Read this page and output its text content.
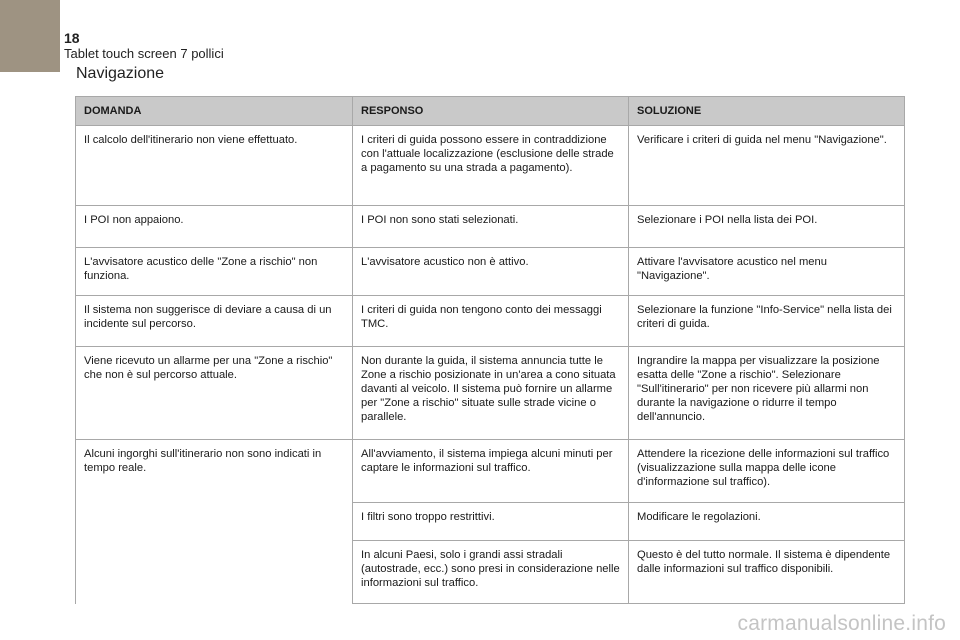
18
Tablet touch screen 7 pollici
Navigazione
DOMANDA	RESPONSO	SOLUZIONE
Il calcolo dell'itinerario non viene effettuato.	I criteri di guida possono essere in contraddizione con l'attuale localizzazione (esclusione delle strade a pagamento su una strada a pagamento).	Verificare i criteri di guida nel menu "Navigazione".
I POI non appaiono.	I POI non sono stati selezionati.	Selezionare i POI nella lista dei POI.
L'avvisatore acustico delle "Zone a rischio" non funziona.	L'avvisatore acustico non è attivo.	Attivare l'avvisatore acustico nel menu "Navigazione".
Il sistema non suggerisce di deviare a causa di un incidente sul percorso.	I criteri di guida non tengono conto dei messaggi TMC.	Selezionare la funzione "Info-Service" nella lista dei criteri di guida.
Viene ricevuto un allarme per una "Zone a rischio" che non è sul percorso attuale.	Non durante la guida, il sistema annuncia tutte le Zone a rischio posizionate in un'area a cono situata davanti al veicolo. Il sistema può fornire un allarme per "Zone a rischio" situate sulle strade vicine o parallele.	Ingrandire la mappa per visualizzare la posizione esatta delle "Zone a rischio". Selezionare "Sull'itinerario" per non ricevere più allarmi non durante la navigazione o ridurre il tempo dell'annuncio.
Alcuni ingorghi sull'itinerario non sono indicati in tempo reale.	All'avviamento, il sistema impiega alcuni minuti per captare le informazioni sul traffico.	Attendere la ricezione delle informazioni sul traffico (visualizzazione sulla mappa delle icone d'informazione sul traffico).
	I filtri sono troppo restrittivi.	Modificare le regolazioni.
	In alcuni Paesi, solo i grandi assi stradali (autostrade, ecc.) sono presi in considerazione nelle informazioni sul traffico.	Questo è del tutto normale. Il sistema è dipendente dalle informazioni sul traffico disponibili.
carmanualsonline.info
